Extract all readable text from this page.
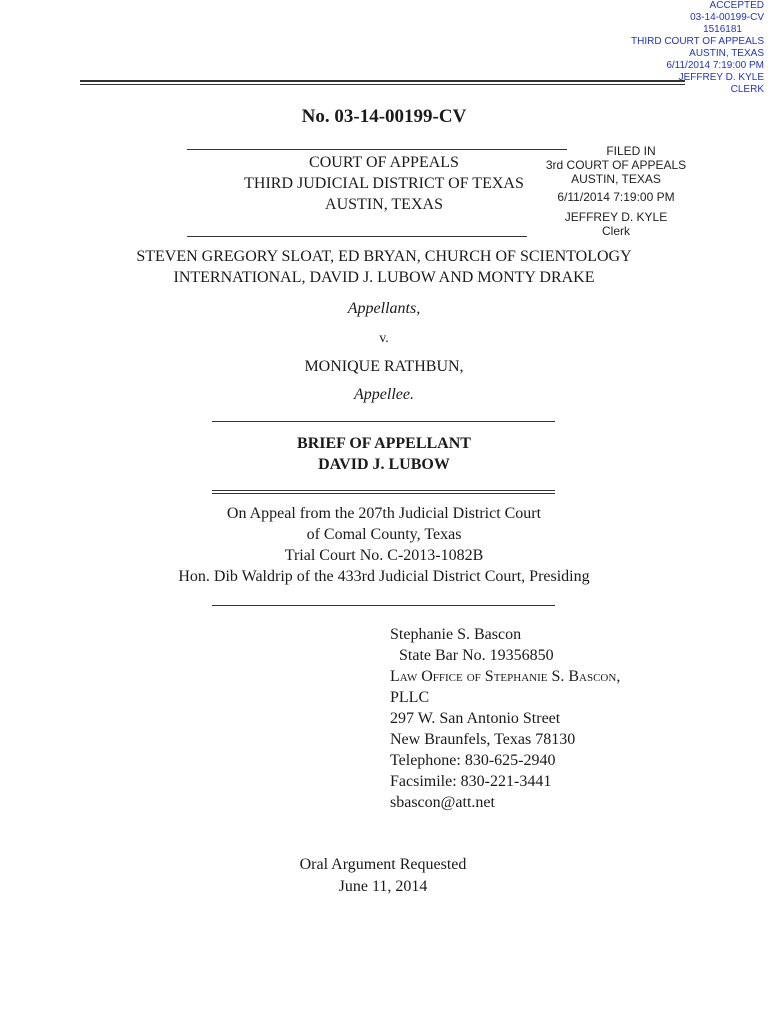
ACCEPTED
03-14-00199-CV
1516181
THIRD COURT OF APPEALS
AUSTIN, TEXAS
6/11/2014 7:19:00 PM
JEFFREY D. KYLE
CLERK
No. 03-14-00199-CV
COURT OF APPEALS
THIRD JUDICIAL DISTRICT OF TEXAS
AUSTIN, TEXAS
FILED IN
3rd COURT OF APPEALS
AUSTIN, TEXAS
6/11/2014 7:19:00 PM
JEFFREY D. KYLE
Clerk
STEVEN GREGORY SLOAT, ED BRYAN, CHURCH OF SCIENTOLOGY
INTERNATIONAL, DAVID J. LUBOW AND MONTY DRAKE
Appellants,
v.
MONIQUE RATHBUN,
Appellee.
BRIEF OF APPELLANT
DAVID J. LUBOW
On Appeal from the 207th Judicial District Court
of Comal County, Texas
Trial Court No. C-2013-1082B
Hon. Dib Waldrip of the 433rd Judicial District Court, Presiding
Stephanie S. Bascon
State Bar No. 19356850
Law Office of Stephanie S. Bascon,
PLLC
297 W. San Antonio Street
New Braunfels, Texas 78130
Telephone: 830-625-2940
Facsimile: 830-221-3441
sbascon@att.net
Oral Argument Requested
June 11, 2014
